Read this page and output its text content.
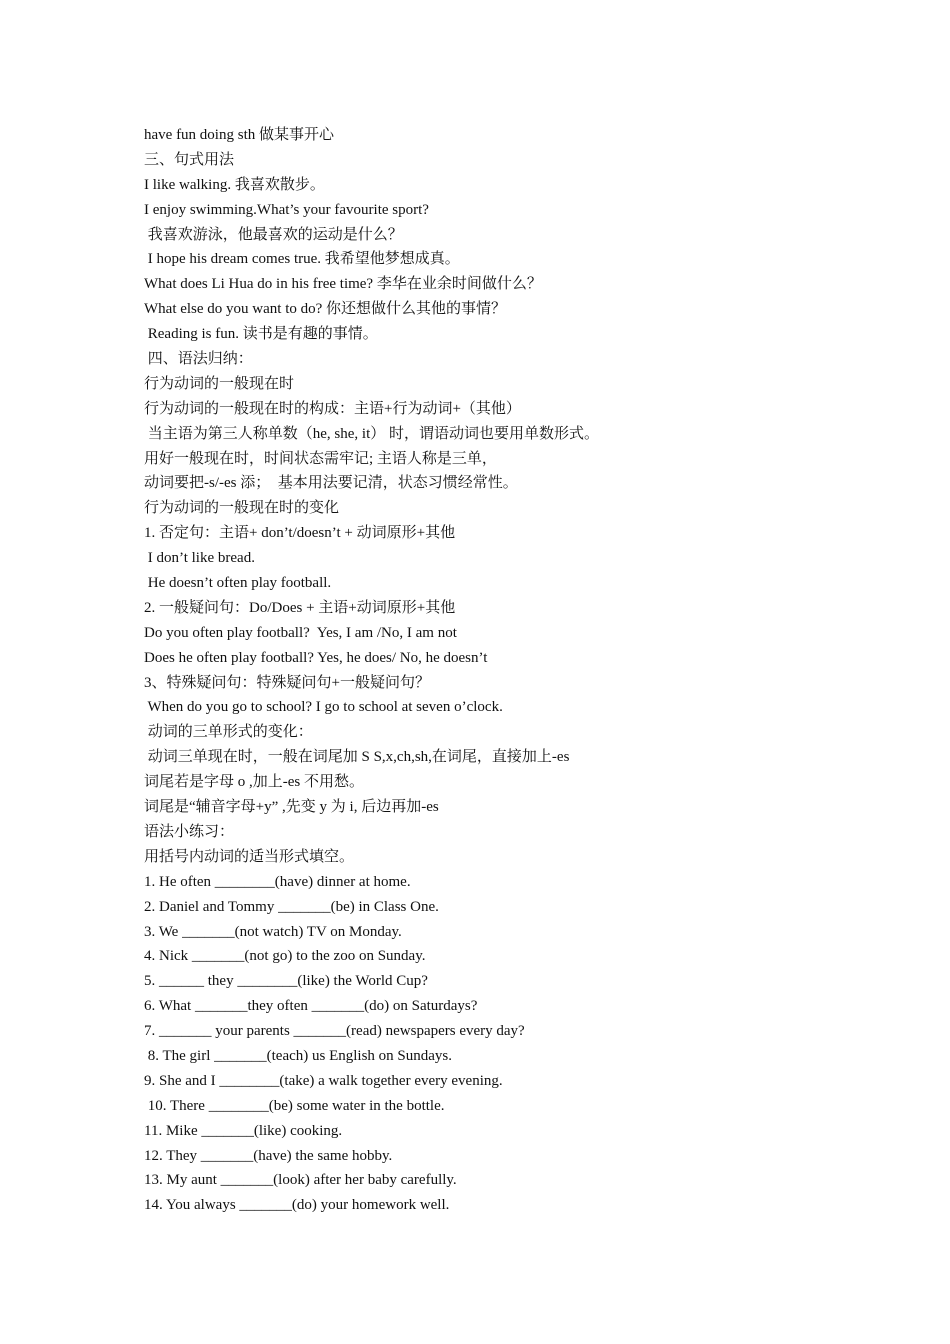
have fun doing sth 做某事开心
三、句式用法
I like walking. 我喜欢散步。
I enjoy swimming.What’s your favourite sport?
我喜欢游泳，他最喜欢的运动是什么？
I hope his dream comes true. 我希望他梦想成真。
What does Li Hua do in his free time? 李华在业余时间做什么？
What else do you want to do? 你还想做什么其他的事情？
Reading is fun. 读书是有趣的事情。
四、语法归纳：
行为动词的一般现在时
行为动词的一般现在时的构成：主语+行为动词+（其他）
当主语为第三人称单数（he, she, it） 时，谓语动词也要用单数形式。
用好一般现在时，时间状态需牢记; 主语人称是三单，
动词要把-s/-es 添；  基本用法要记清，状态习惯经常性。
行为动词的一般现在时的变化
1. 否定句：主语+ don’t/doesn’t + 动词原形+其他
I don’t like bread.
He doesn’t often play football.
2. 一般疑问句：Do/Does + 主语+动词原形+其他
Do you often play football?  Yes, I am /No, I am not
Does he often play football? Yes, he does/ No, he doesn’t
3、特殊疑问句：特殊疑问句+一般疑问句？
When do you go to school? I go to school at seven o’clock.
动词的三单形式的变化：
动词三单现在时，一般在词尾加 S S,x,ch,sh,在词尾，直接加上-es
词尾若是字母 o ,加上-es 不用愁。
词尾是“辅音字母+y” ,先变 y 为 i, 后边再加-es
语法小练习：
用括号内动词的适当形式填空。
1. He often ________(have) dinner at home.
2. Daniel and Tommy _______(be) in Class One.
3. We _______(not watch) TV on Monday.
4. Nick _______(not go) to the zoo on Sunday.
5. ______ they ________(like) the World Cup?
6. What _______they often _______(do) on Saturdays?
7. _______ your parents _______(read) newspapers every day?
8. The girl _______(teach) us English on Sundays.
9. She and I ________(take) a walk together every evening.
10. There ________(be) some water in the bottle.
11. Mike _______(like) cooking.
12. They _______(have) the same hobby.
13. My aunt _______(look) after her baby carefully.
14. You always _______(do) your homework well.
